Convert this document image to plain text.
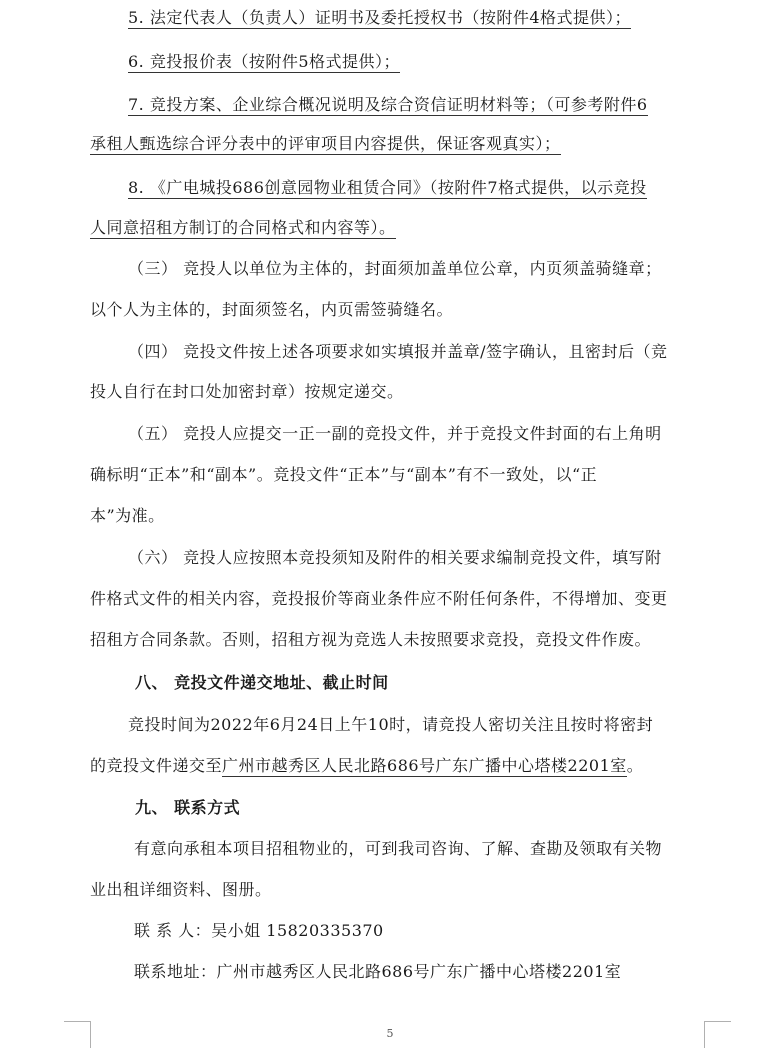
5. 法定代表人（负责人）证明书及委托授权书（按附件4格式提供）；
6. 竞投报价表（按附件5格式提供）；
7. 竞投方案、企业综合概况说明及综合资信证明材料等；（可参考附件6
承租人甄选综合评分表中的评审项目内容提供，保证客观真实）；
8. 《广电城投686创意园物业租赁合同》（按附件7格式提供，以示竞投
人同意招租方制订的合同格式和内容等）。
（三） 竞投人以单位为主体的，封面须加盖单位公章，内页须盖骑缝章；
以个人为主体的，封面须签名，内页需签骑缝名。
（四） 竞投文件按上述各项要求如实填报并盖章/签字确认，且密封后（竞
投人自行在封口处加密封章）按规定递交。
（五） 竞投人应提交一正一副的竞投文件，并于竞投文件封面的右上角明
确标明“正本”和“副本”。竞投文件“正本”与“副本”有不一致处，以“正
本”为准。
（六） 竞投人应按照本竞投须知及附件的相关要求编制竞投文件，填写附
件格式文件的相关内容，竞投报价等商业条件应不附任何条件，不得增加、变更
招租方合同条款。否则，招租方视为竞选人未按照要求竞投，竞投文件作废。
八、 竞投文件递交地址、截止时间
竞投时间为2022年6月24日上午10时，请竞投人密切关注且按时将密封
的竞投文件递交至广州市越秀区人民北路686号广东广播中心塔楼2201室。
九、 联系方式
有意向承租本项目招租物业的，可到我司咨询、了解、查勘及领取有关物
业出租详细资料、图册。
联 系 人：吴小姐 15820335370
联系地址：广州市越秀区人民北路686号广东广播中心塔楼2201室
5
